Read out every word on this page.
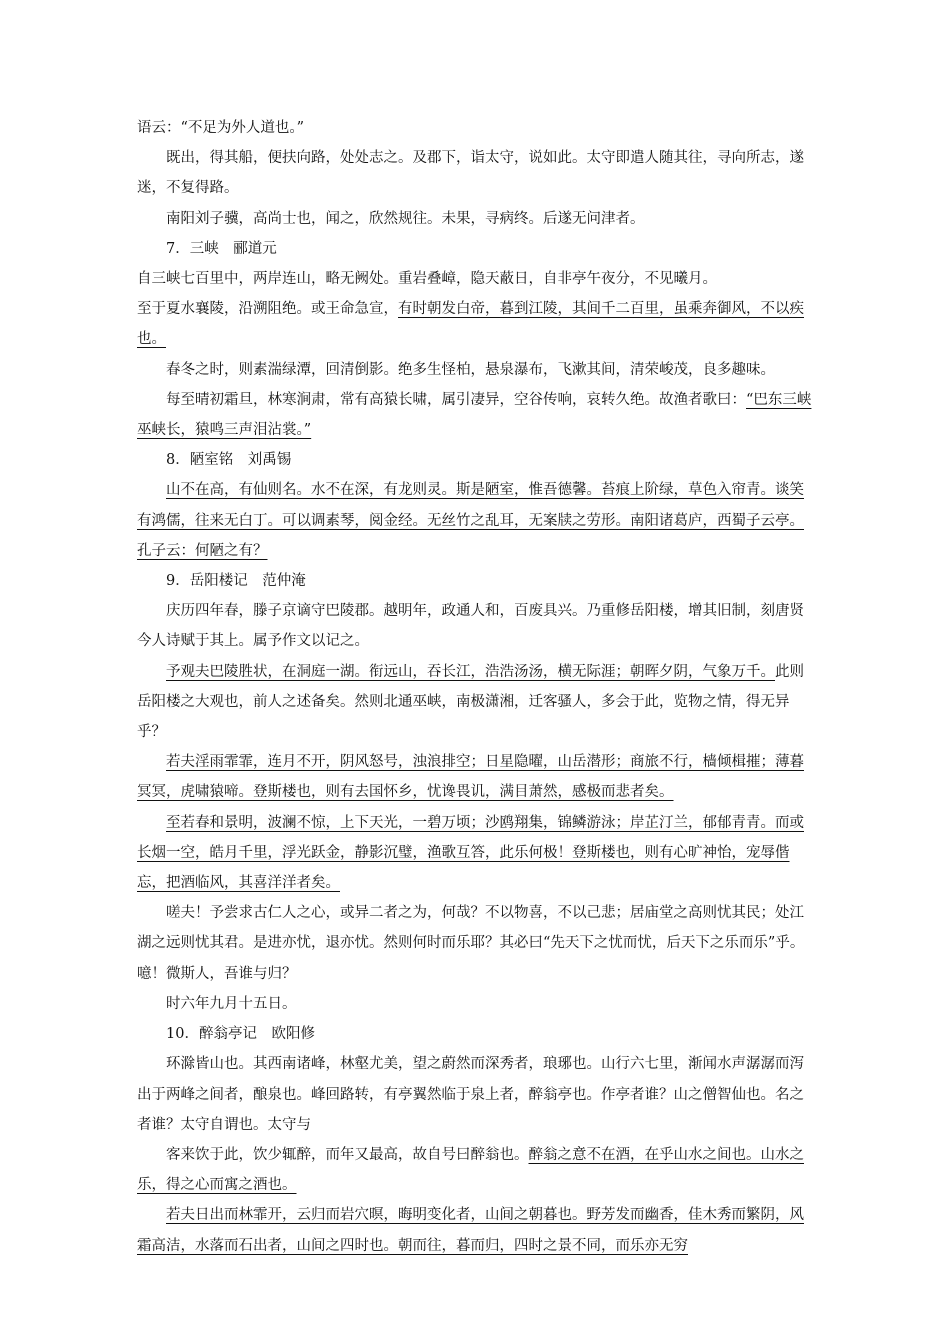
语云：“不足为外人道也。”

既出，得其船，便扶向路，处处志之。及郡下，诣太守，说如此。太守即遣人随其往，寻向所志，遂迷，不复得路。

南阳刘子骥，高尚士也，闻之，欣然规往。未果，寻病终。后遂无问津者。

7．三峡　郦道元

自三峡七百里中，两岸连山，略无阙处。重岩叠嶂，隐天蔽日，自非亭午夜分，不见曦月。

至于夏水襄陵，沿溯阻绝。或王命急宣，有时朝发白帝，暮到江陵，其间千二百里，虽乘奔御风，不以疾也。

春冬之时，则素湍绿潭，回清倒影。绝多生怪柏，悬泉瀑布，飞漱其间，清荣峻茂，良多趣味。

每至晴初霜旦，林寒涧肃，常有高猿长啸，属引凄异，空谷传响，哀转久绝。故渔者歌曰：“巴东三峡巫峡长，猿鸣三声泪沾裳。”

8．陋室铭　刘禹锡

山不在高，有仙则名。水不在深，有龙则灵。斯是陋室，惟吾德馨。苔痕上阶绿，草色入帘青。谈笑有鸿儒，往来无白丁。可以调素琴，阅金经。无丝竹之乱耳，无案牍之劳形。南阳诸葛庐，西蜀子云亭。孔子云：何陋之有？

9．岳阳楼记　范仲淹

庆历四年春，滕子京谪守巴陵郡。越明年，政通人和，百废具兴。乃重修岳阳楼，增其旧制，刻唐贤今人诗赋于其上。属予作文以记之。

予观夫巴陵胜状，在洞庭一湖。衔远山，吞长江，浩浩汤汤，横无际涯；朝晖夕阴，气象万千。此则岳阳楼之大观也，前人之述备矣。然则北通巫峡，南极潇湘，迁客骚人，多会于此，览物之情，得无异乎？

若夫淫雨霏霏，连月不开，阴风怒号，浊浪排空；日星隐曜，山岳潜形；商旅不行，樯倾楫摧；薄暮冥冥，虎啸猿啼。登斯楼也，则有去国怀乡，忧谗畏讥，满目萧然，感极而悲者矣。

至若春和景明，波澜不惊，上下天光，一碧万顷；沙鸥翔集，锦鳞游泳；岸芷汀兰，郁郁青青。而或长烟一空，皓月千里，浮光跃金，静影沉璧，渔歌互答，此乐何极！登斯楼也，则有心旷神怡，宠辱偕忘，把酒临风，其喜洋洋者矣。

嗟夫！予尝求古仁人之心，或异二者之为，何哉？不以物喜，不以己悲；居庙堂之高则忧其民；处江湖之远则忧其君。是进亦忧，退亦忧。然则何时而乐耶？其必曰“先天下之忧而忧，后天下之乐而乐”乎。噫！微斯人，吾谁与归？

时六年九月十五日。

10．醉翁亭记　欧阳修

环滁皆山也。其西南诸峰，林壑尤美，望之蔚然而深秀者，琅琊也。山行六七里，渐闻水声潺潺而泻出于两峰之间者，酿泉也。峰回路转，有亭翼然临于泉上者，醉翁亭也。作亭者谁？山之僧智仙也。名之者谁？太守自谓也。太守与

客来饮于此，饮少辄醉，而年又最高，故自号曰醉翁也。醉翁之意不在酒，在乎山水之间也。山水之乐，得之心而寓之酒也。

若夫日出而林霏开，云归而岩穴暝，晦明变化者，山间之朝暮也。野芳发而幽香，佳木秀而繁阴，风霜高洁，水落而石出者，山间之四时也。朝而往，暮而归，四时之景不同，而乐亦无穷
